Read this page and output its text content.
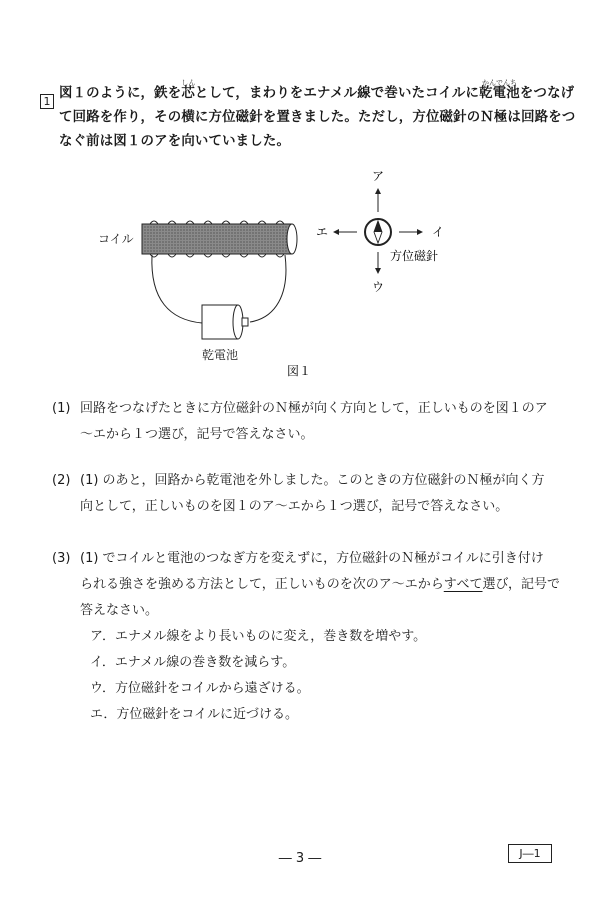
1
図１のように，鉄を
しん
芯として，まわりをエナメル線で巻いたコイルに
かんでんち
乾電池をつなげ
て回路を作り，その横に方位磁針を置きました。ただし，方位磁針のＮ極は回路をつ
なぐ前は図１のアを向いていました。
コイル
乾電池
ア
イ
ウ
エ
方位磁針
図１
(1) 回路をつなげたときに方位磁針のＮ極が向く方向として，正しいものを図１のア
～エから１つ選び，記号で答えなさい。
(2) (1) のあと，回路から乾電池を外しました。このときの方位磁針のＮ極が向く方
向として，正しいものを図１のア～エから１つ選び，記号で答えなさい。
(3) (1) でコイルと電池のつなぎ方を変えずに，方位磁針のＮ極がコイルに引き付け
られる強さを強める方法として，正しいものを次のア～エからすべて選び，記号で
答えなさい。
ア．エナメル線をより長いものに変え，巻き数を増やす。
イ．エナメル線の巻き数を減らす。
ウ．方位磁針をコイルから遠ざける。
エ．方位磁針をコイルに近づける。
― 3 ―	J―1
